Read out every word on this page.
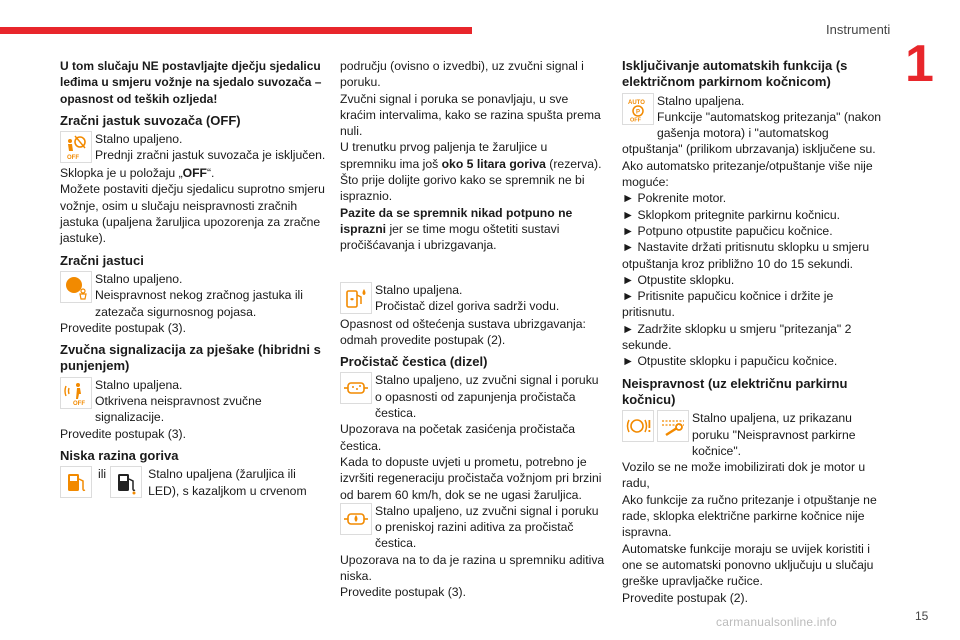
Instrumenti
1

U tom slučaju NE postavljajte dječju sjedalicu leđima u smjeru vožnje na sjedalo suvozača – opasnost od teških ozljeda!

Zračni jastuk suvozača (OFF)
OFF

Stalno upaljeno.

Prednji zračni jastuk suvozača je isključen.

Sklopka je u položaju „OFF“.

Možete postaviti dječju sjedalicu suprotno smjeru vožnje, osim u slučaju neispravnosti zračnih jastuka (upaljena žaruljica upozorenja za zračne jastuke).

Zračni jastuci

Stalno upaljeno.

Neispravnost nekog zračnog jastuka ili zatezača sigurnosnog pojasa.

Provedite postupak (3).

Zvučna signalizacija za pješake (hibridni s punjenjem)
OFF

Stalno upaljena.

Otkrivena neispravnost zvučne signalizacije.

Provedite postupak (3).

Niska razina goriva
ili	Stalno upaljena (žaruljica ili LED), s kazaljkom u crvenom

području (ovisno o izvedbi), uz zvučni signal i poruku.

Zvučni signal i poruka se ponavljaju, u sve kraćim intervalima, kako se razina spušta prema nuli.

U trenutku prvog paljenja te žaruljice u spremniku ima još oko 5 litara goriva (rezerva).

Što prije dolijte gorivo kako se spremnik ne bi ispraznio.

Pazite da se spremnik nikad potpuno ne isprazni jer se time mogu oštetiti sustavi pročišćavanja i ubrizgavanja.

Stalno upaljena.

Pročistač dizel goriva sadrži vodu.

Opasnost od oštećenja sustava ubrizgavanja: odmah provedite postupak (2).

Pročistač čestica (dizel)

Stalno upaljeno, uz zvučni signal i poruku o opasnosti od zapunjenja pročistača čestica.

Upozorava na početak zasićenja pročistača čestica.

Kada to dopuste uvjeti u prometu, potrebno je izvršiti regeneraciju pročistača vožnjom pri brzini od barem 60 km/h, dok se ne ugasi žaruljica.

Stalno upaljeno, uz zvučni signal i poruku o preniskoj razini aditiva za pročistač čestica.

Upozorava na to da je razina u spremniku aditiva niska.

Provedite postupak (3).

Isključivanje automatskih funkcija (s električnom parkirnom kočnicom)
AUTO
P
OFF

Stalno upaljena.

Funkcije "automatskog pritezanja" (nakon gašenja motora) i "automatskog otpuštanja" (prilikom ubrzavanja) isključene su.

Ako automatsko pritezanje/otpuštanje više nije moguće:

► Pokrenite motor.

► Sklopkom pritegnite parkirnu kočnicu.

► Potpuno otpustite papučicu kočnice.

► Nastavite držati pritisnutu sklopku u smjeru otpuštanja kroz približno 10 do 15 sekundi.

► Otpustite sklopku.

► Pritisnite papučicu kočnice i držite je pritisnutu.

► Zadržite sklopku u smjeru "pritezanja" 2 sekunde.

► Otpustite sklopku i papučicu kočnice.

Neispravnost (uz električnu parkirnu kočnicu)

Stalno upaljena, uz prikazanu poruku "Neispravnost parkirne kočnice".

Vozilo se ne može imobilizirati dok je motor u radu,

Ako funkcije za ručno pritezanje i otpuštanje ne rade, sklopka električne parkirne kočnice nije ispravna.

Automatske funkcije moraju se uvijek koristiti i one se automatski ponovno uključuju u slučaju greške upravljačke ručice.

Provedite postupak (2).

carmanualsonline.info	15
